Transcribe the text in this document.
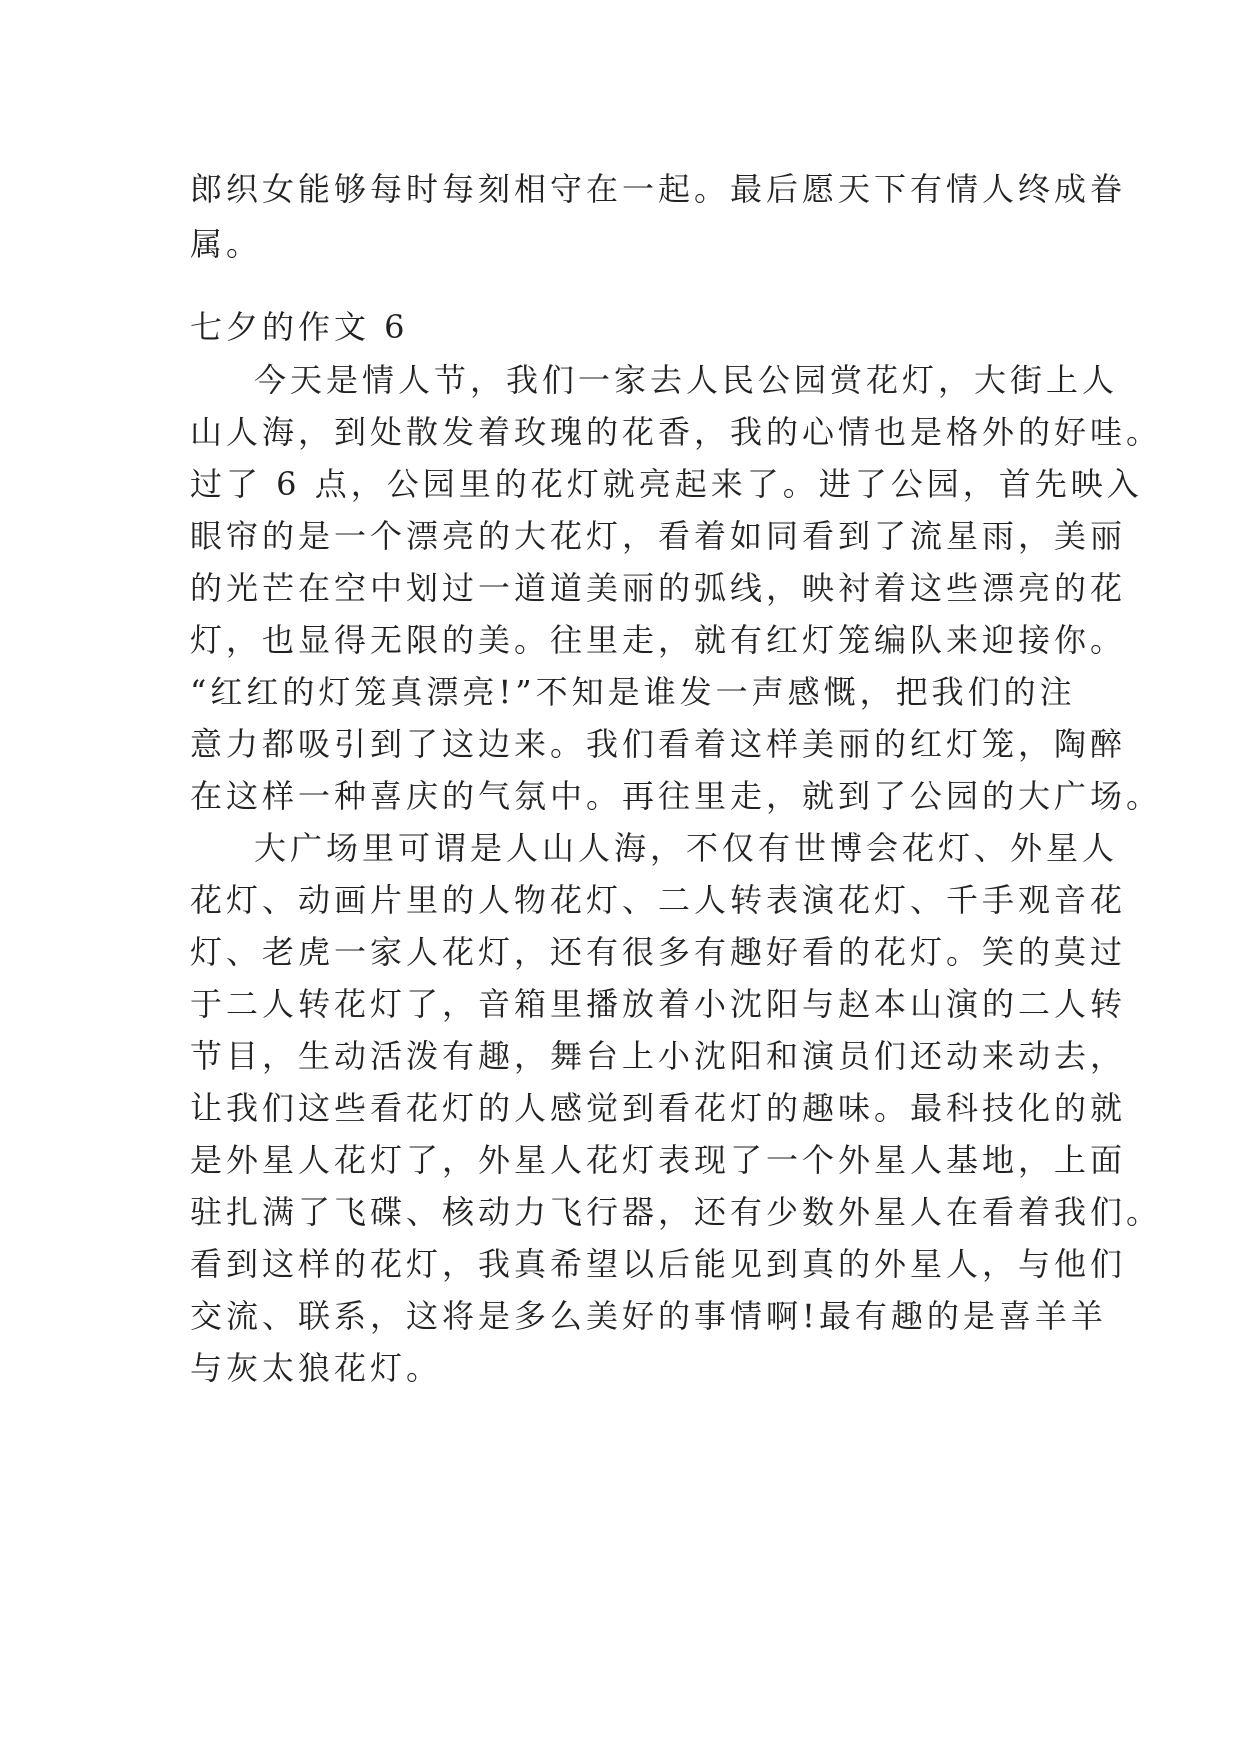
郎织女能够每时每刻相守在一起。最后愿天下有情人终成眷
属。
七夕的作文 6
今天是情人节，我们一家去人民公园赏花灯，大街上人
山人海，到处散发着玫瑰的花香，我的心情也是格外的好哇。
过了 6 点，公园里的花灯就亮起来了。进了公园，首先映入
眼帘的是一个漂亮的大花灯，看着如同看到了流星雨，美丽
的光芒在空中划过一道道美丽的弧线，映衬着这些漂亮的花
灯，也显得无限的美。往里走，就有红灯笼编队来迎接你。
“红红的灯笼真漂亮!”不知是谁发一声感慨，把我们的注
意力都吸引到了这边来。我们看着这样美丽的红灯笼，陶醉
在这样一种喜庆的气氛中。再往里走，就到了公园的大广场。
大广场里可谓是人山人海，不仅有世博会花灯、外星人
花灯、动画片里的人物花灯、二人转表演花灯、千手观音花
灯、老虎一家人花灯，还有很多有趣好看的花灯。笑的莫过
于二人转花灯了，音箱里播放着小沈阳与赵本山演的二人转
节目，生动活泼有趣，舞台上小沈阳和演员们还动来动去，
让我们这些看花灯的人感觉到看花灯的趣味。最科技化的就
是外星人花灯了，外星人花灯表现了一个外星人基地，上面
驻扎满了飞碟、核动力飞行器，还有少数外星人在看着我们。
看到这样的花灯，我真希望以后能见到真的外星人，与他们
交流、联系，这将是多么美好的事情啊!最有趣的是喜羊羊
与灰太狼花灯。
